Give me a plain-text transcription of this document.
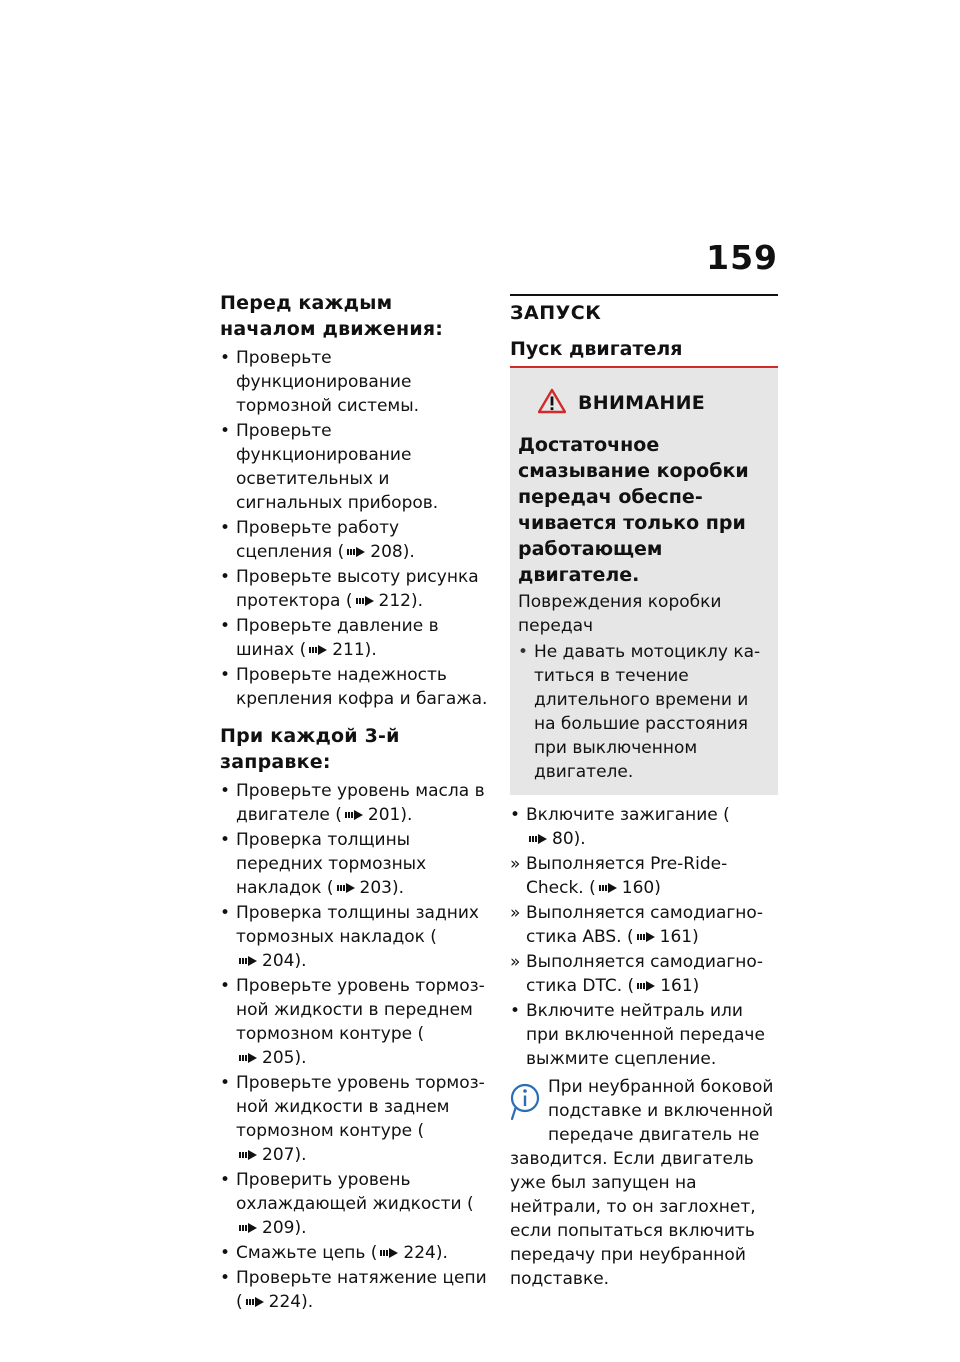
159
Перед каждым началом движения:
• Проверьте функционирование тормозной системы.
• Проверьте функционирование осветительных и сигнальных приборов.
• Проверьте работу сцепления ( 208).
• Проверьте высоту рисунка протектора ( 212).
• Проверьте давление в шинах ( 211).
• Проверьте надежность крепления кофра и багажа.
При каждой 3-й заправке:
• Проверьте уровень масла в двигателе ( 201).
• Проверка толщины передних тормозных накладок ( 203).
• Проверка толщины задних тормозных накладок (204).
• Проверьте уровень тормозной жидкости в переднем тормозном контуре (205).
• Проверьте уровень тормозной жидкости в заднем тормозном контуре (207).
• Проверить уровень охлаждающей жидкости (209).
• Смажьте цепь ( 224).
• Проверьте натяжение цепи ( 224).
ЗАПУСК
Пуск двигателя
ВНИМАНИЕ
Достаточное смазывание коробки передач обеспечивается только при работающем двигателе.
Повреждения коробки передач
• Не давать мотоциклу катиться в течение длительного времени и на большие расстояния при выключенном двигателе.
• Включите зажигание (80).
» Выполняется Pre-Ride-Check. ( 160)
» Выполняется самодиагностика ABS. ( 161)
» Выполняется самодиагностика DTC. ( 161)
• Включите нейтраль или при включенной передаче выжмите сцепление.

При неубранной боковой подставке и включенной передаче двигатель не заводится. Если двигатель уже был запущен на нейтрали, то он заглохнет, если попытаться включить передачу при неубранной подставке.
